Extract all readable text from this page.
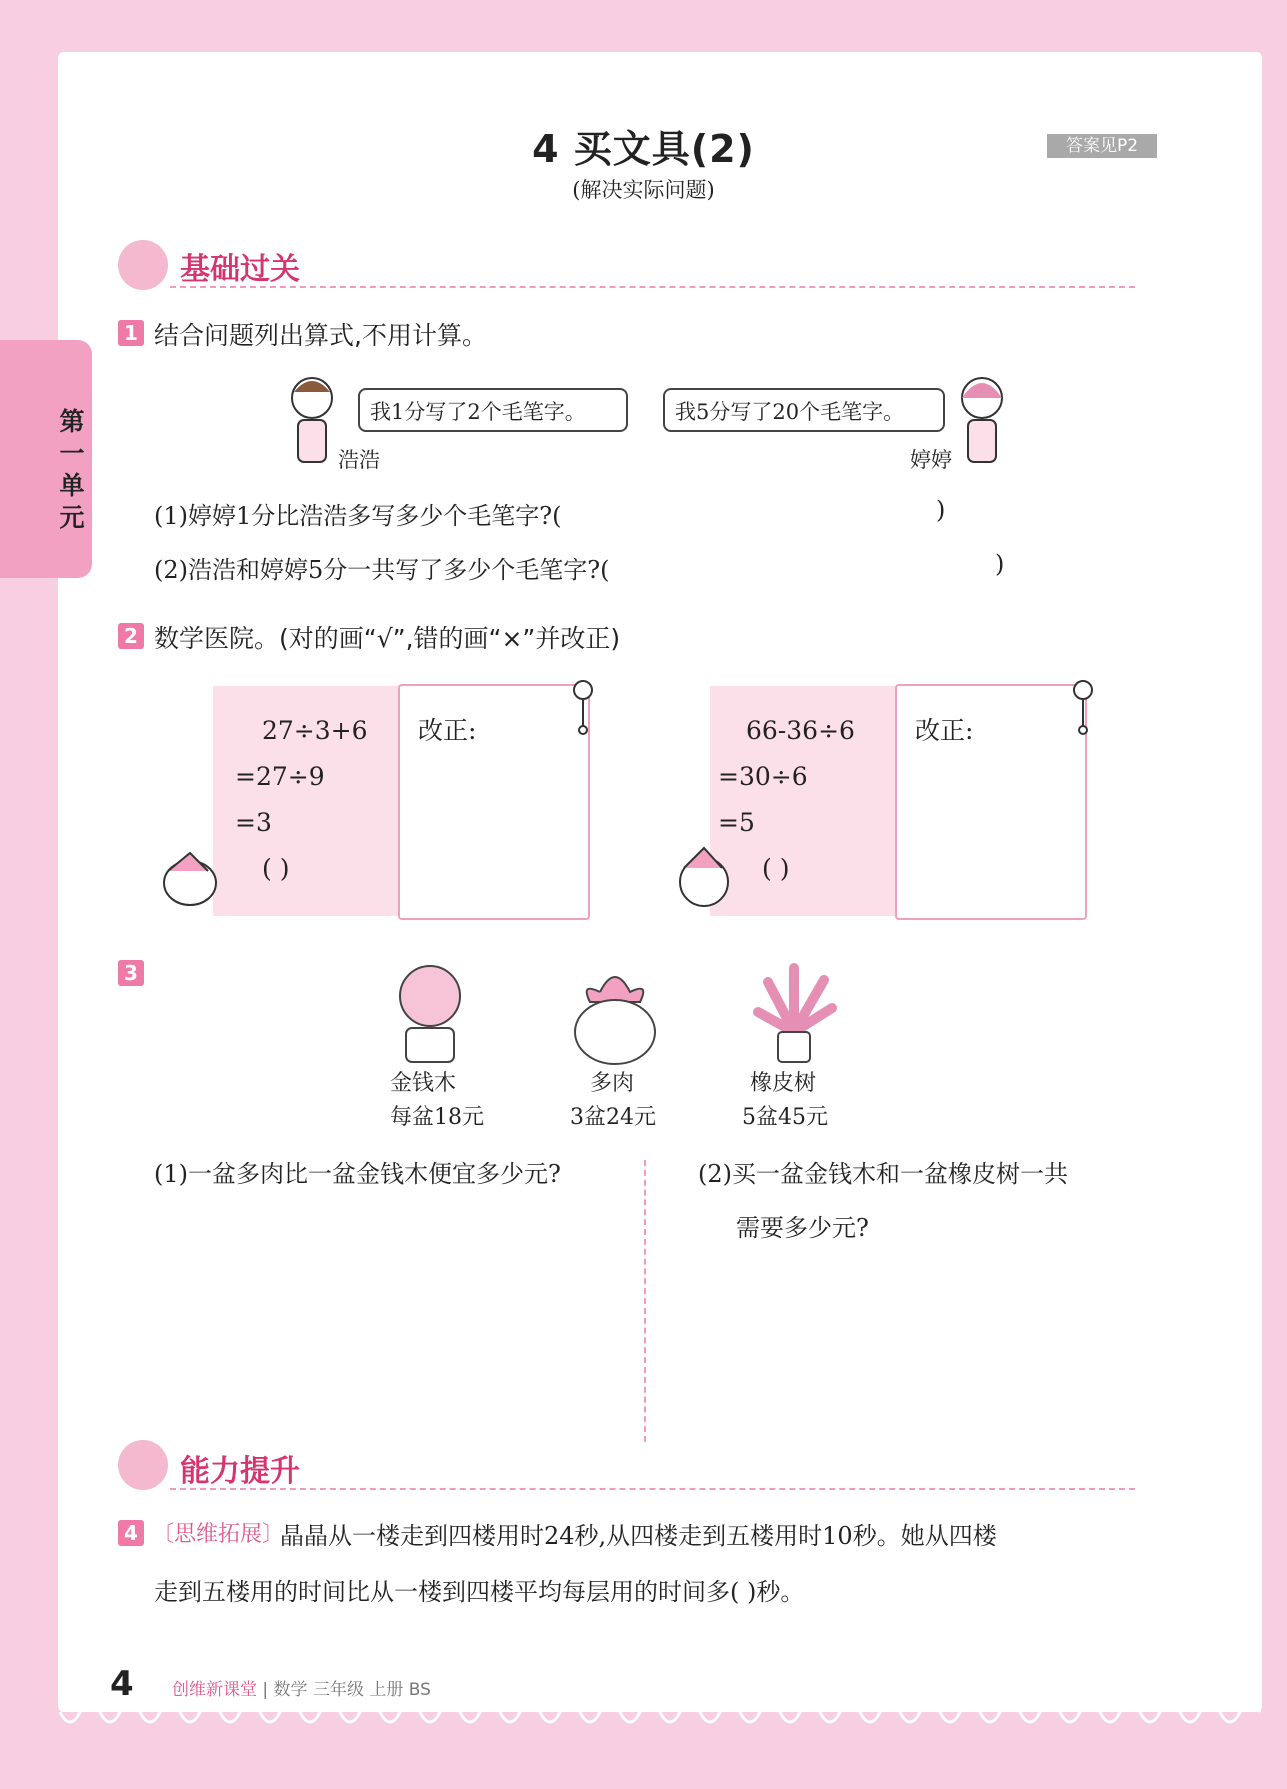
第一单元
4 买文具(2)
(解决实际问题)
答案见P2
基础过关
1 结合问题列出算式,不用计算。
我1分写了2个毛笔字。
浩浩
我5分写了20个毛笔字。
婷婷
(1)婷婷1分比浩浩多写多少个毛笔字?(	)
(2)浩浩和婷婷5分一共写了多少个毛笔字?(	)
2 数学医院。(对的画“√”,错的画“×”并改正)
27÷3+6
=27÷9
=3
( )
改正:	66-36÷6
=30÷6
=5
( )
改正:
3
金钱木
每盆18元
多肉
3盆24元
橡皮树
5盆45元
(1)一盆多肉比一盆金钱木便宜多少元?	(2)买一盆金钱木和一盆橡皮树一共
需要多少元?
能力提升
4 〔思维拓展〕
晶晶从一楼走到四楼用时24秒,从四楼走到五楼用时10秒。她从四楼
走到五楼用的时间比从一楼到四楼平均每层用的时间多( )秒。
4 创维新课堂 | 数学 三年级 上册 BS
